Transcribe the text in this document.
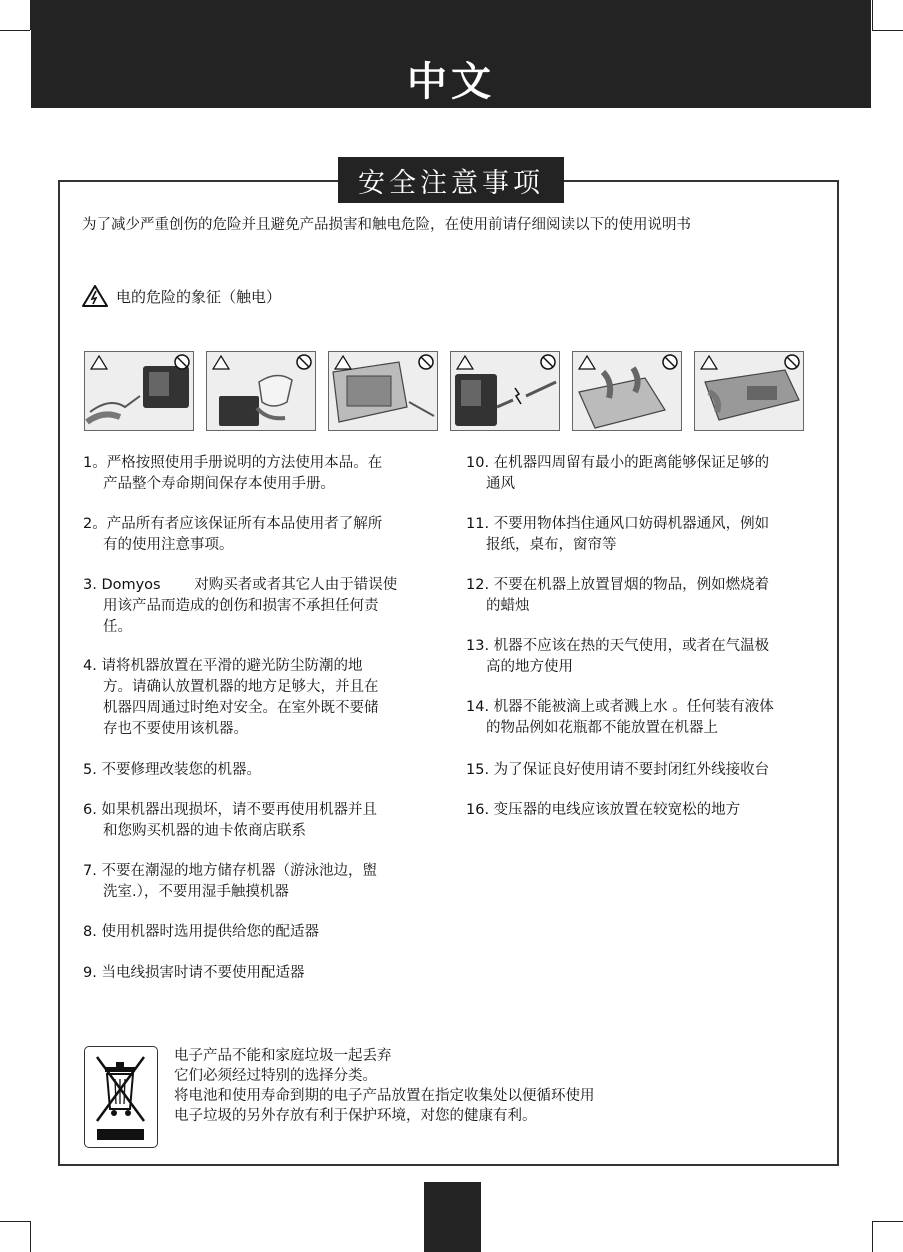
中文
安全注意事项
为了减少严重创伤的危险并且避免产品损害和触电危险，在使用前请仔细阅读以下的使用说明书
电的危险的象征（触电）
1。严格按照使用手册说明的方法使用本品。在
产品整个寿命期间保存本使用手册。
2。产品所有者应该保证所有本品使用者了解所
有的使用注意事项。
3. Domyos 　　对购买者或者其它人由于错误使
用该产品而造成的创伤和损害不承担任何责
任。
4. 请将机器放置在平滑的避光防尘防潮的地
方。请确认放置机器的地方足够大，并且在
机器四周通过时绝对安全。在室外既不要储
存也不要使用该机器。
5. 不要修理改装您的机器。
6. 如果机器出现损坏，请不要再使用机器并且
和您购买机器的迪卡侬商店联系
7. 不要在潮湿的地方储存机器（游泳池边，盥
洗室.），不要用湿手触摸机器
8. 使用机器时选用提供给您的配适器
9. 当电线损害时请不要使用配适器
10. 在机器四周留有最小的距离能够保证足够的
通风
11. 不要用物体挡住通风口妨碍机器通风，例如
报纸，桌布，窗帘等
12. 不要在机器上放置冒烟的物品，例如燃烧着
的蜡烛
13. 机器不应该在热的天气使用，或者在气温极
高的地方使用
14. 机器不能被滴上或者溅上水 。任何装有液体
的物品例如花瓶都不能放置在机器上
15. 为了保证良好使用请不要封闭红外线接收台
16. 变压器的电线应该放置在较宽松的地方
电子产品不能和家庭垃圾一起丢弃
它们必须经过特别的选择分类。
将电池和使用寿命到期的电子产品放置在指定收集处以便循环使用
电子垃圾的另外存放有利于保护环境，对您的健康有利。
